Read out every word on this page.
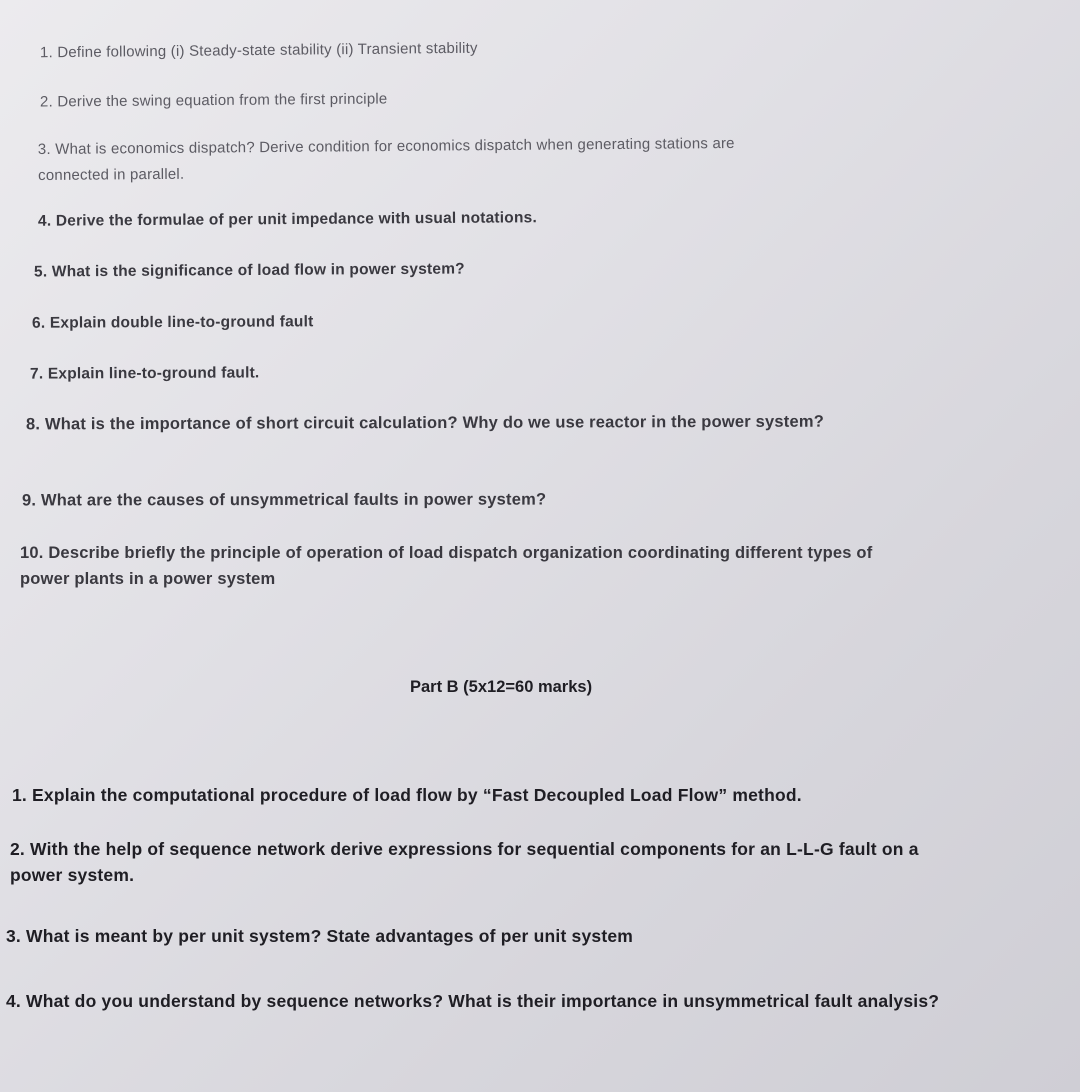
1. Define following (i) Steady-state stability (ii) Transient stability
2. Derive the swing equation from the first principle
3. What is economics dispatch? Derive condition for economics dispatch when generating stations are
connected in parallel.
4. Derive the formulae of per unit impedance with usual notations.
5. What is the significance of load flow in power system?
6. Explain double line-to-ground fault
7. Explain line-to-ground fault.
8. What is the importance of short circuit calculation? Why do we use reactor in the power system?
9. What are the causes of unsymmetrical faults in power system?
10. Describe briefly the principle of operation of load dispatch organization coordinating different types of
power plants in a power system
Part B (5x12=60 marks)
1. Explain the computational procedure of load flow by “Fast Decoupled Load Flow” method.
2. With the help of sequence network derive expressions for sequential components for an L-L-G fault on a
power system.
3. What is meant by per unit system? State advantages of per unit system
4. What do you understand by sequence networks? What is their importance in unsymmetrical fault analysis?
